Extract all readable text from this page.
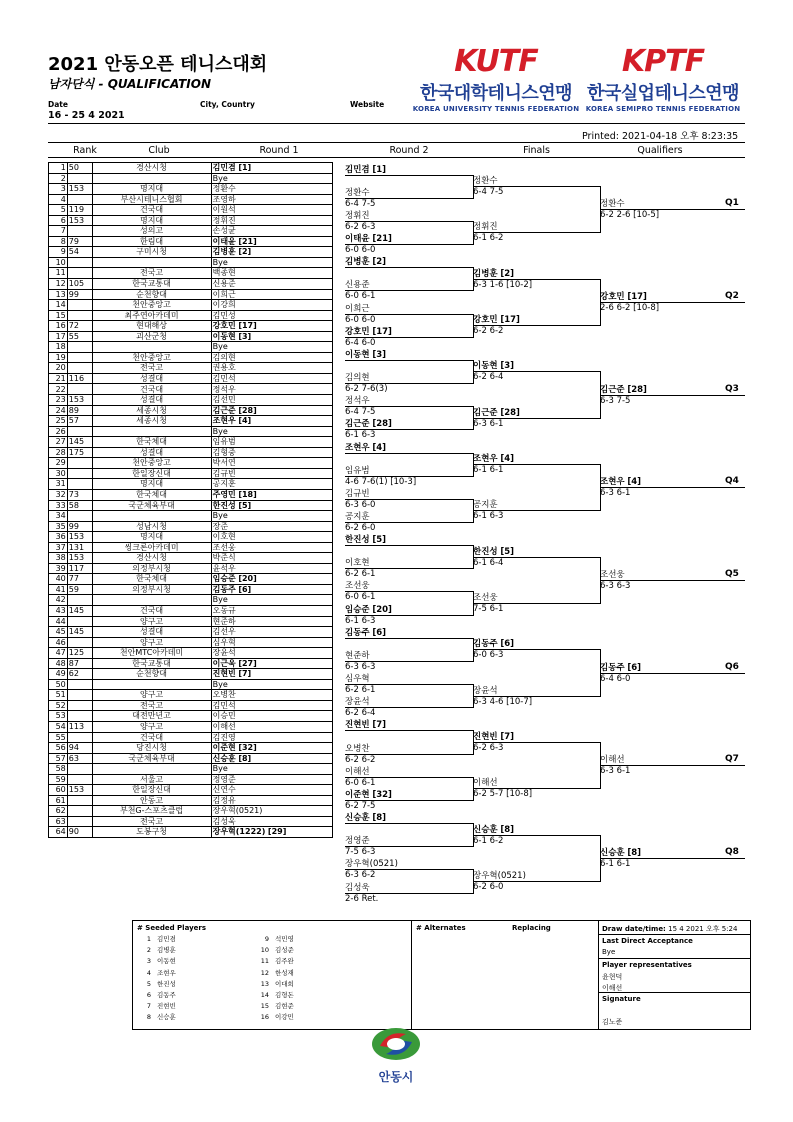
2021 안동오픈 테니스대회
남자단식 - QUALIFICATION
Date
16 - 25 4 2021
City, Country	Website
KUTF
한국대학테니스연맹
KOREA UNIVERSITY TENNIS FEDERATION
KPTF
한국실업테니스연맹
KOREA SEMIPRO TENNIS FEDERATION
Printed: 2021-04-18 오후 8:23:35
Rank	Club	Round 1	Round 2	Finals	Qualifiers
1	50	경산시청	김민겸 [1]
2			Bye
3	153	명지대	정환수
4		부산시테니스협회	조영하
5	119	건국대	이원석
6	153	명지대	정휘진
7		성의고	손성균
8	79	한림대	이태윤 [21]
9	54	구미시청	김병훈 [2]
10			Bye
11		전국고	백종현
12	105	한국교통대	신용준
13	99	순천향대	이희근
14		천안중앙고	이강희
15		최주연아카데미	김민성
16	72	현대해상	강호민 [17]
17	55	괴산군청	이동현 [3]
18			Bye
19		천안중앙고	김의현
20		전국고	권용호
21	116	성결대	김민석
22		건국대	정석우
23	153	성결대	김선민
24	89	세종시청	김근준 [28]
25	57	세종시청	조현우 [4]
26			Bye
27	145	한국체대	임유범
28	175	성결대	김형중
29		천안중앙고	박서연
30		한일장신대	김규빈
31		명지대	공지훈
32	73	한국체대	주영민 [18]
33	58	국군체육부대	한진성 [5]
34			Bye
35	99	성남시청	장준
36	153	명지대	이호현
37	131	씽크론아카데미	조선웅
38	153	경산시청	박준식
39	117	의정부시청	윤석우
40	77	한국체대	임승준 [20]
41	59	의정부시청	김동주 [6]
42			Bye
43	145	건국대	오동규
44		양구고	현준하
45	145	성결대	김선우
46		양구고	심우혁
47	125	천안MTC아카데미	장윤석
48	87	한국교통대	이근욱 [27]
49	62	순천향대	진현빈 [7]
50			Bye
51		양구고	오병찬
52		전국고	김민석
53		대전만년고	이승민
54	113	양구고	이해선
55		건국대	김진영
56	94	당진시청	이준현 [32]
57	63	국군체육부대	신승훈 [8]
58			Bye
59		서울고	정영준
60	153	한일장신대	신연수
61		안동고	김정유
62		부천G-스포츠클럽	장우혁(0521)
63		전국고	김성욱
64	90	도봉구청	장우혁(1222) [29]
김민겸 [1]
정환수
6-4 7-5
정휘진
6-2 6-3
이태윤 [21]
6-0 6-0
김병훈 [2]
신용준
6-0 6-1
이희근
6-0 6-0
강호민 [17]
6-4 6-0
이동현 [3]
김의현
6-2 7-6(3)
정석우
6-4 7-5
김근준 [28]
6-1 6-3
조현우 [4]
임유범
4-6 7-6(1) [10-3]
김규빈
6-3 6-0
공지훈
6-2 6-0
한진성 [5]
이호현
6-2 6-1
조선웅
6-0 6-1
임승준 [20]
6-1 6-3
김동주 [6]
현준하
6-3 6-3
심우혁
6-2 6-1
장윤석
6-2 6-4
진현빈 [7]
오병찬
6-2 6-2
이해선
6-0 6-1
이준현 [32]
6-2 7-5
신승훈 [8]
정영준
7-5 6-3
장우혁(0521)
6-3 6-2
김성욱
2-6 Ret.
정환수
6-4 7-5
정휘진
6-1 6-2
김병훈 [2]
6-3 1-6 [10-2]
강호민 [17]
6-2 6-2
이동현 [3]
6-2 6-4
김근준 [28]
6-3 6-1
조현우 [4]
6-1 6-1
공지훈
6-1 6-3
한진성 [5]
6-1 6-4
조선웅
7-5 6-1
김동주 [6]
6-0 6-3
장윤석
6-3 4-6 [10-7]
진현빈 [7]
6-2 6-3
이해선
6-2 5-7 [10-8]
신승훈 [8]
6-1 6-2
장우혁(0521)
6-2 6-0
정환수
6-2 2-6 [10-5]
Q1
강호민 [17]
2-6 6-2 [10-8]
Q2
김근준 [28]
6-3 7-5
Q3
조현우 [4]
6-3 6-1
Q4
조선웅
6-3 6-3
Q5
김동주 [6]
6-4 6-0
Q6
이해선
6-3 6-1
Q7
신승훈 [8]
6-1 6-1
Q8
# Seeded Players
1 김민겸
2 김병훈
3 이동현
4 조현우
5 한진성
6 김동주
7 진현빈
8 신승훈
9 석민영
10 김성준
11 김주완
12 한성재
13 이대희
14 김형돈
15 김현준
16 이강민
# Alternates	Replacing	Draw date/time: 15 4 2021 오후 5:24
Last Direct Acceptance
Bye
Player representatives
윤현덕
이해선
Signature
김노준
안동시
